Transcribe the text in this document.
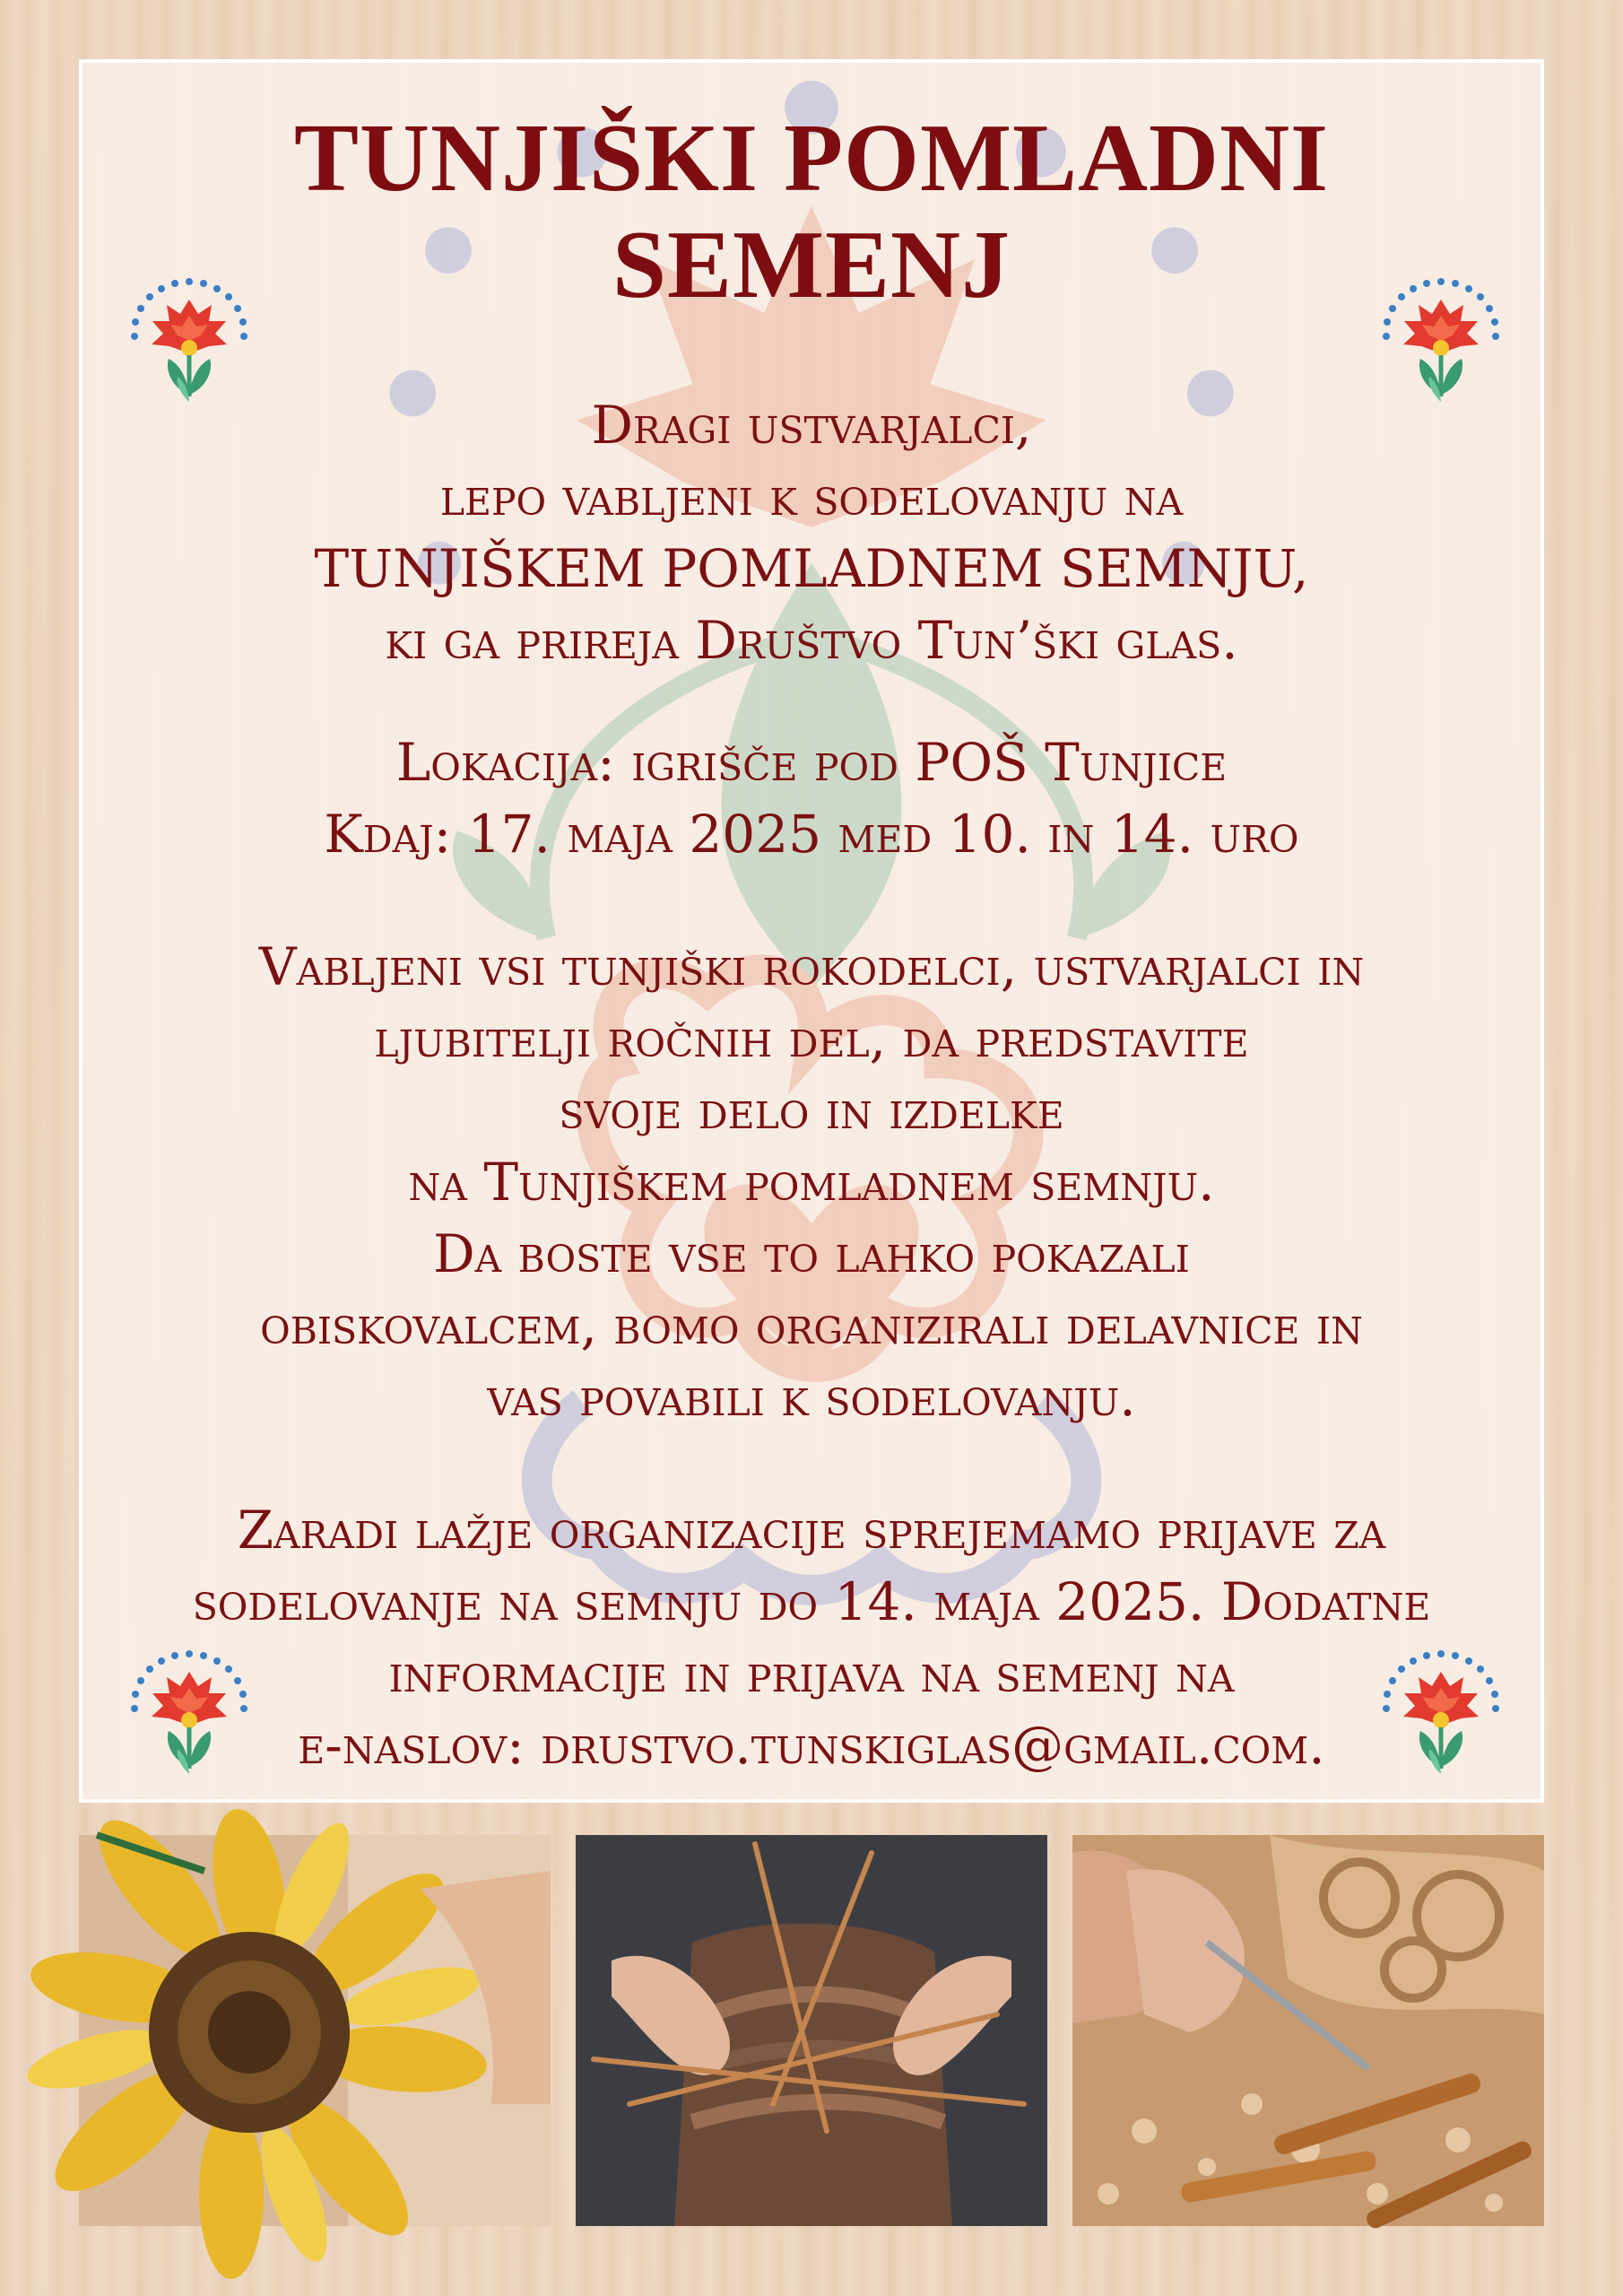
TUNJIŠKI POMLADNI SEMENJ

Dragi ustvarjalci,
lepo vabljeni k sodelovanju na
TUNJIŠKEM POMLADNEM SEMNJU,
ki ga prireja Društvo Tun’ški glas.

Lokacija: igrišče pod POŠ Tunjice
Kdaj: 17. maja 2025 med 10. in 14. uro

Vabljeni vsi tunjiški rokodelci, ustvarjalci in
ljubitelji ročnih del, da predstavite
svoje delo in izdelke
na Tunjiškem pomladnem semnju.
Da boste vse to lahko pokazali
obiskovalcem, bomo organizirali delavnice in
vas povabili k sodelovanju.

Zaradi lažje organizacije sprejemamo prijave za
sodelovanje na semnju do 14. maja 2025. Dodatne
informacije in prijava na semenj na
e-naslov: drustvo.tunskiglas@gmail.com.
